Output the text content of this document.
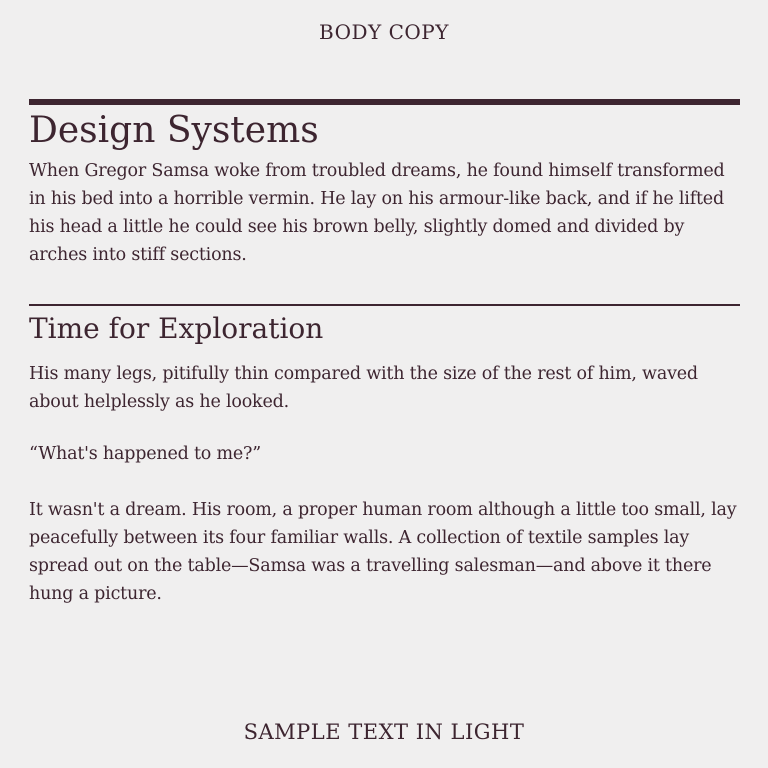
BODY COPY
Design Systems

When Gregor Samsa woke from troubled dreams, he found himself transformed in his bed into a horrible vermin. He lay on his armour-like back, and if he lifted his head a little he could see his brown belly, slightly domed and divided by arches into stiff sections.

Time for Exploration

His many legs, pitifully thin compared with the size of the rest of him, waved about helplessly as he looked.

“What's happened to me?”

It wasn't a dream. His room, a proper human room although a little too small, lay peacefully between its four familiar walls. A collection of textile samples lay spread out on the table—Samsa was a travelling salesman—and above it there hung a picture.

SAMPLE TEXT IN LIGHT
